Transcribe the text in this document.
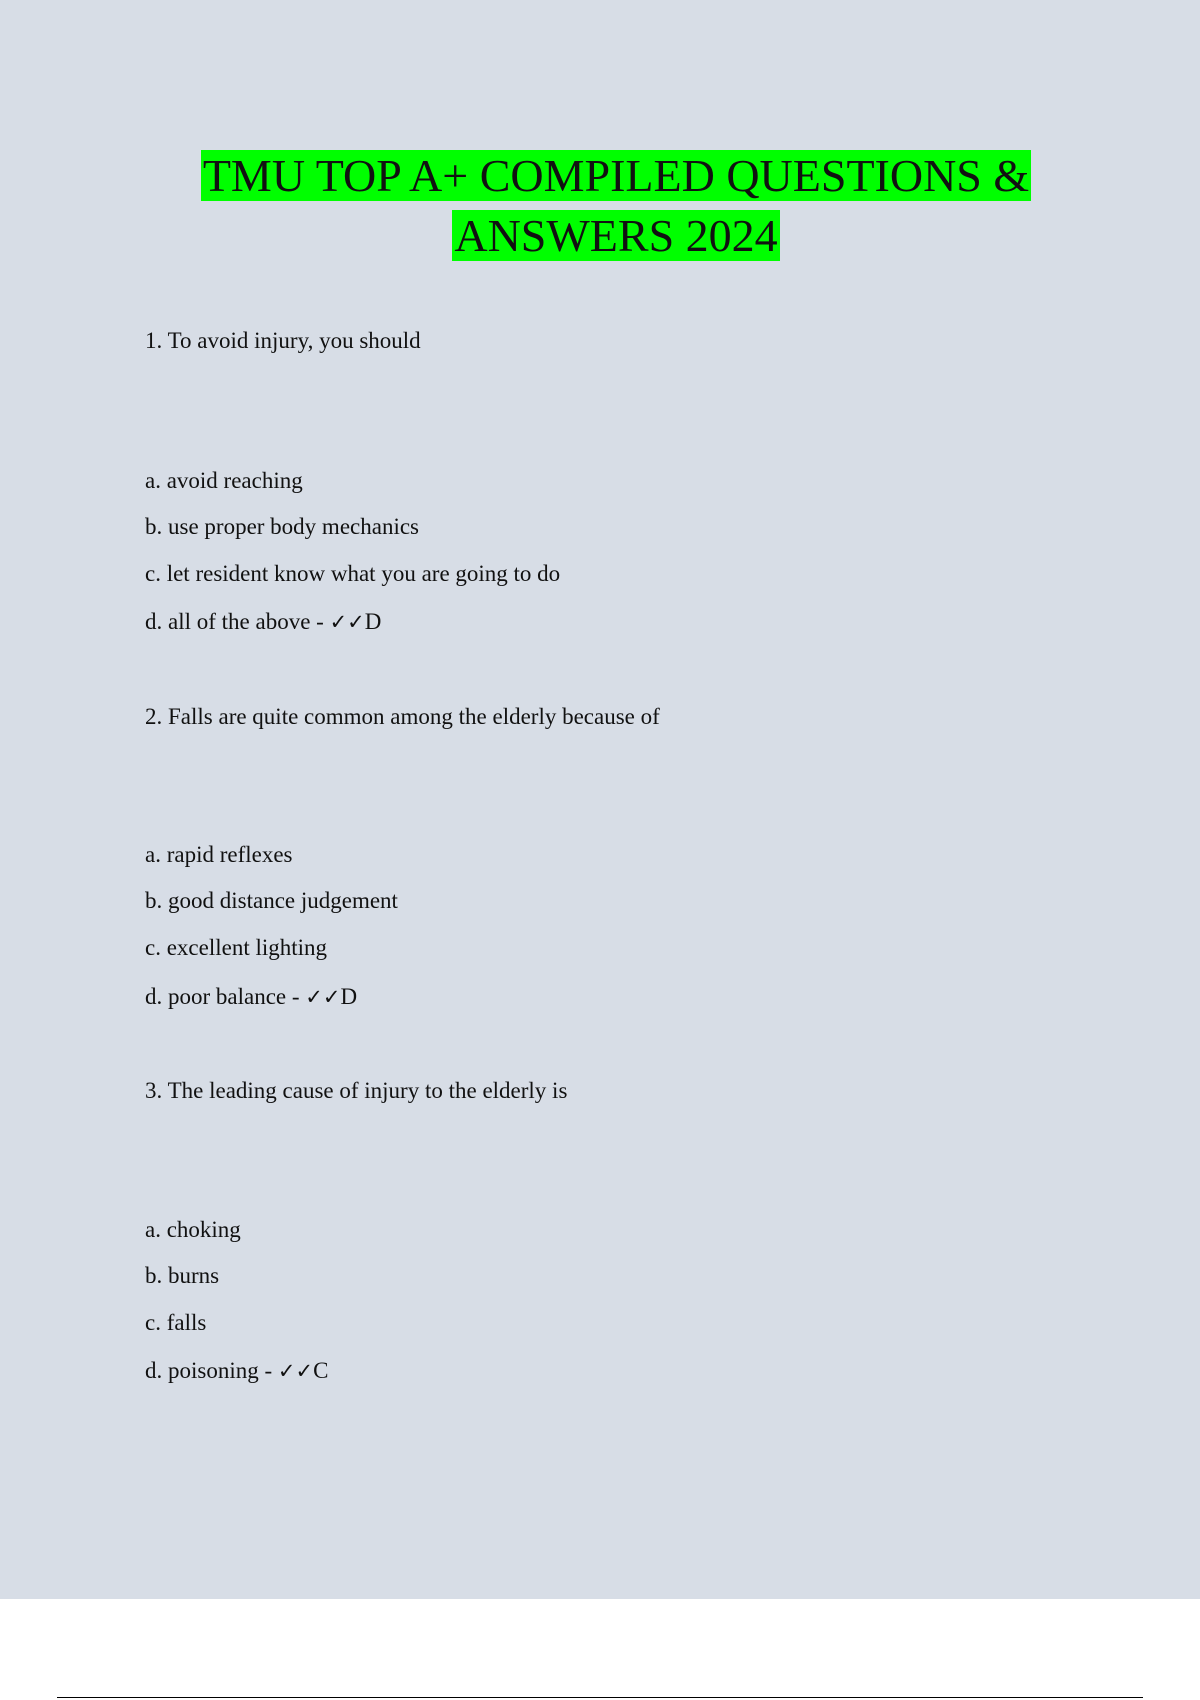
TMU TOP A+ COMPILED QUESTIONS &
ANSWERS 2024
1. To avoid injury, you should
a. avoid reaching
b. use proper body mechanics
c. let resident know what you are going to do
d. all of the above - ✓✓D
2. Falls are quite common among the elderly because of
a. rapid reflexes
b. good distance judgement
c. excellent lighting
d. poor balance - ✓✓D
3. The leading cause of injury to the elderly is
a. choking
b. burns
c. falls
d. poisoning - ✓✓C
